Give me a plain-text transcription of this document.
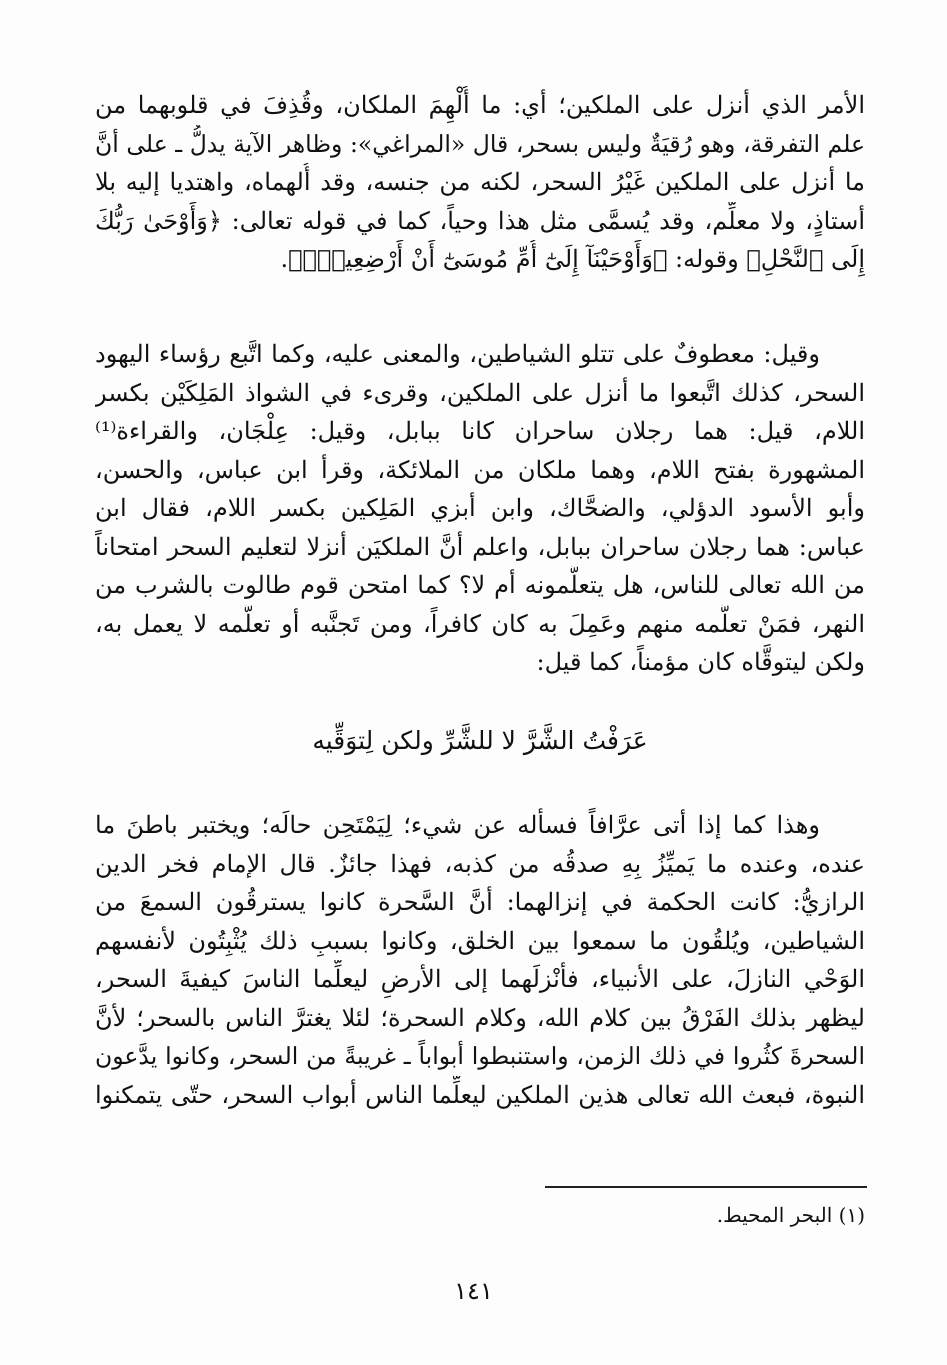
الأمر الذي أنزل على الملكين؛ أي: ما أُلْهِمَ الملكان، وقُذِفَ في قلوبهما من
علم التفرقة، وهو رُقيَةٌ وليس بسحر، قال «المراغي»: وظاهر الآية يدلُّ ـ على أنَّ
ما أنزل على الملكين غَيْرُ السحر، لكنه من جنسه، وقد أُلهماه، واهتديا إليه بلا
أستاذٍ، ولا معلِّم، وقد يُسمَّى مثل هذا وحياً، كما في قوله تعالى: ﴿وَأَوْحَىٰ رَبُّكَ
إِلَى ٱلنَّحْلِ﴾ وقوله: ﴿وَأَوْحَيْنَآ إِلَىٰٓ أُمِّ مُوسَىٰٓ أَنْ أَرْضِعِيهِۖ﴾.
وقيل: معطوفٌ على تتلو الشياطين، والمعنى عليه، وكما اتَّبع رؤساء اليهود
السحر، كذلك اتَّبعوا ما أنزل على الملكين، وقرىء في الشواذ المَلِكَيْن بكسر
اللام، قيل: هما رجلان ساحران كانا ببابل، وقيل: عِلْجَان، والقراءة⁽¹⁾
المشهورة بفتح اللام، وهما ملكان من الملائكة، وقرأ ابن عباس، والحسن،
وأبو الأسود الدؤلي، والضحَّاك، وابن أبزي المَلِكين بكسر اللام، فقال ابن
عباس: هما رجلان ساحران ببابل، واعلم أنَّ الملكيَن أنزلا لتعليم السحر امتحاناً
من الله تعالى للناس، هل يتعلَّمونه أم لا؟ كما امتحن قوم طالوت بالشرب من
النهر، فمَنْ تعلَّمه منهم وعَمِلَ به كان كافراً، ومن تَجنَّبه أو تعلَّمه لا يعمل به،
ولكن ليتوقَّاه كان مؤمناً، كما قيل:
عَرَفْتُ الشَّرَّ لا للشَّرِّ ولكن لِتوَقِّيه
وهذا كما إذا أتى عرَّافاً فسأله عن شيء؛ لِيَمْتَحِن حالَه؛ ويختبر باطنَ ما
عنده، وعنده ما يَميِّزُ بِهِ صدقُه من كذبه، فهذا جائزٌ. قال الإمام فخر الدين
الرازيُّ: كانت الحكمة في إنزالهما: أنَّ السَّحرة كانوا يسترقُون السمعَ من
الشياطين، ويُلقُون ما سمعوا بين الخلق، وكانوا بسببِ ذلك يُثْبِتُون لأنفسهم
الوَحْي النازلَ، على الأنبياء، فأنْزلَهما إلى الأرضِ ليعلِّما الناسَ كيفيةَ السحر،
ليظهر بذلك الفَرْقُ بين كلام الله، وكلام السحرة؛ لئلا يغترَّ الناس بالسحر؛ لأنَّ
السحرةَ كثُروا في ذلك الزمن، واستنبطوا أبواباً ـ غريبةً من السحر، وكانوا يدَّعون
النبوة، فبعث الله تعالى هذين الملكين ليعلِّما الناس أبواب السحر، حتّى يتمكنوا
(١) البحر المحيط.
١٤١
